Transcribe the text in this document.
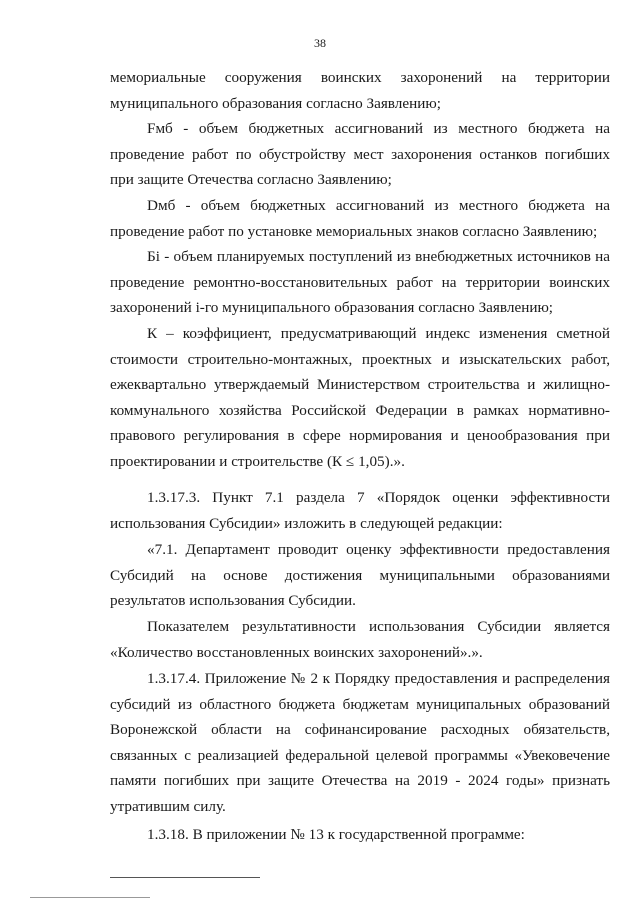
38

мемориальные сооружения воинских захоронений на территории муниципального образования согласно Заявлению;

Fмб - объем бюджетных ассигнований из местного бюджета на проведение работ по обустройству мест захоронения останков погибших при защите Отечества согласно Заявлению;

Dмб - объем бюджетных ассигнований из местного бюджета на проведение работ по установке мемориальных знаков согласно Заявлению;

Бi - объем планируемых поступлений из внебюджетных источников на проведение ремонтно-восстановительных работ на территории воинских захоронений i-го муниципального образования согласно Заявлению;

К – коэффициент, предусматривающий индекс изменения сметной стоимости строительно-монтажных, проектных и изыскательских работ, ежеквартально утверждаемый Министерством строительства и жилищно-коммунального хозяйства Российской Федерации в рамках нормативно-правового регулирования в сфере нормирования и ценообразования при проектировании и строительстве (К ≤ 1,05).».

1.3.17.3. Пункт 7.1 раздела 7 «Порядок оценки эффективности использования Субсидии» изложить в следующей редакции:

«7.1. Департамент проводит оценку эффективности предоставления Субсидий на основе достижения муниципальными образованиями результатов использования Субсидии.

Показателем результативности использования Субсидии является «Количество восстановленных воинских захоронений».».

1.3.17.4. Приложение № 2 к Порядку предоставления и распределения субсидий из областного бюджета бюджетам муниципальных образований Воронежской области на софинансирование расходных обязательств, связанных с реализацией федеральной целевой программы «Увековечение памяти погибших при защите Отечества на 2019 - 2024 годы» признать утратившим силу.

1.3.18. В приложении № 13 к государственной программе:
